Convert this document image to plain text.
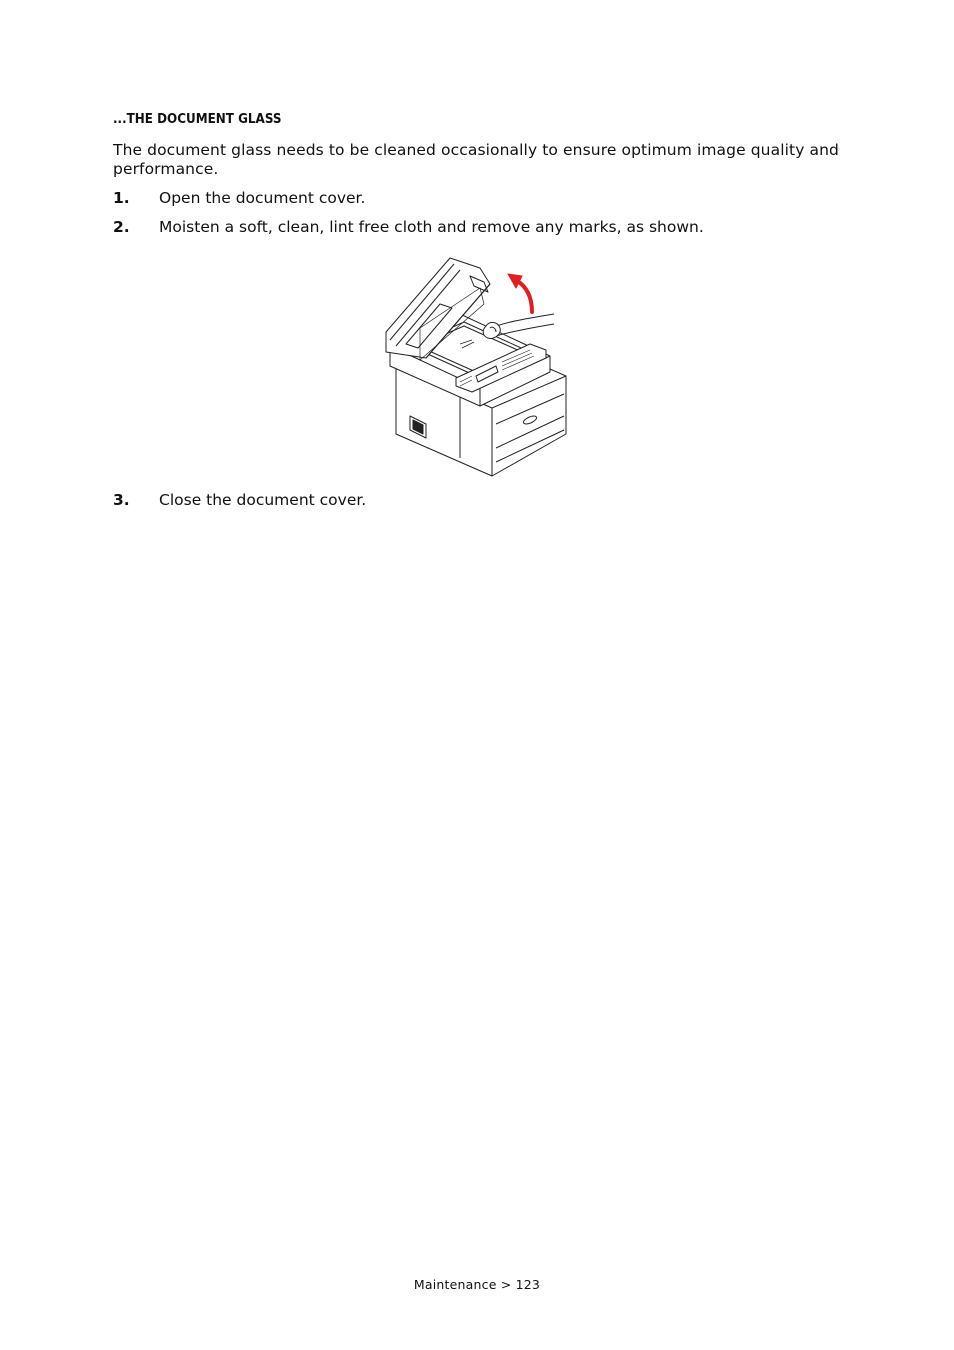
...THE DOCUMENT GLASS
The document glass needs to be cleaned occasionally to ensure optimum image quality and performance.
1. Open the document cover.
2. Moisten a soft, clean, lint free cloth and remove any marks, as shown.
3. Close the document cover.
Maintenance > 123
